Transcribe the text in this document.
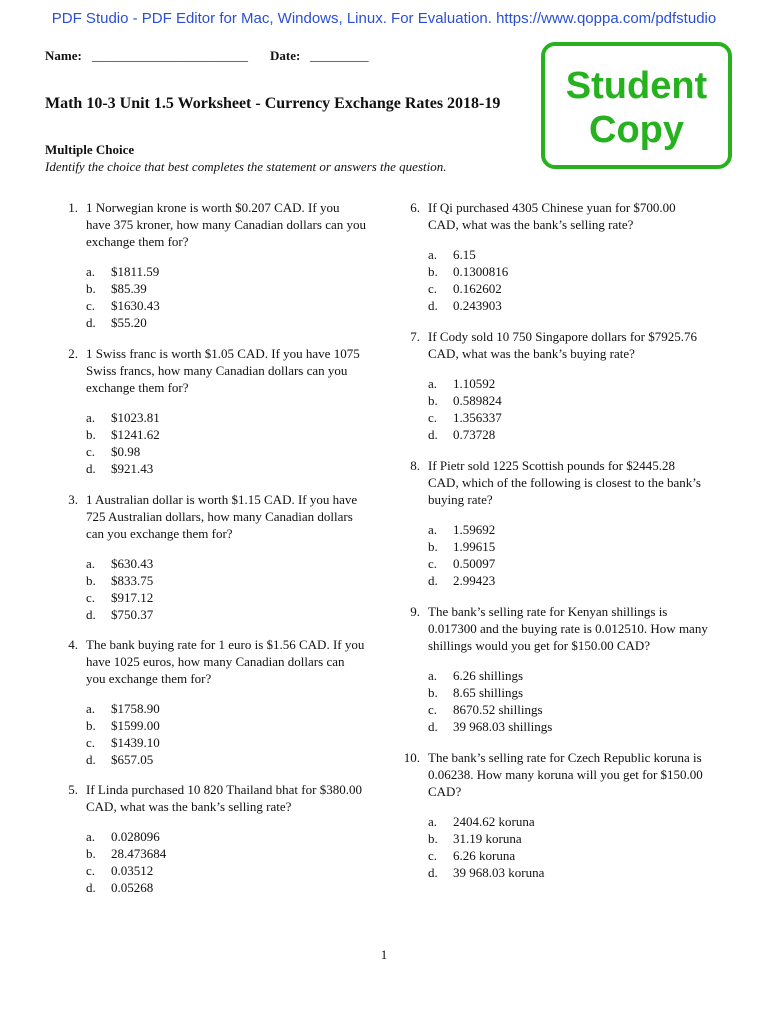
PDF Studio - PDF Editor for Mac, Windows, Linux. For Evaluation. https://www.qoppa.com/pdfstudio
Name: ________________________ Date: _________
Student
Copy
Math 10-3 Unit 1.5 Worksheet - Currency Exchange Rates 2018-19
Multiple Choice
Identify the choice that best completes the statement or answers the question.
1. 1 Norwegian krone is worth $0.207 CAD. If you have 375 kroner, how many Canadian dollars can you exchange them for?
a. $1811.59
b. $85.39
c. $1630.43
d. $55.20
2. 1 Swiss franc is worth $1.05 CAD. If you have 1075 Swiss francs, how many Canadian dollars can you exchange them for?
a. $1023.81
b. $1241.62
c. $0.98
d. $921.43
3. 1 Australian dollar is worth $1.15 CAD. If you have 725 Australian dollars, how many Canadian dollars can you exchange them for?
a. $630.43
b. $833.75
c. $917.12
d. $750.37
4. The bank buying rate for 1 euro is $1.56 CAD. If you have 1025 euros, how many Canadian dollars can you exchange them for?
a. $1758.90
b. $1599.00
c. $1439.10
d. $657.05
5. If Linda purchased 10 820 Thailand bhat for $380.00 CAD, what was the bank’s selling rate?
a. 0.028096
b. 28.473684
c. 0.03512
d. 0.05268
6. If Qi purchased 4305 Chinese yuan for $700.00 CAD, what was the bank’s selling rate?
a. 6.15
b. 0.1300816
c. 0.162602
d. 0.243903
7. If Cody sold 10 750 Singapore dollars for $7925.76 CAD, what was the bank’s buying rate?
a. 1.10592
b. 0.589824
c. 1.356337
d. 0.73728
8. If Pietr sold 1225 Scottish pounds for $2445.28 CAD, which of the following is closest to the bank’s buying rate?
a. 1.59692
b. 1.99615
c. 0.50097
d. 2.99423
9. The bank’s selling rate for Kenyan shillings is 0.017300 and the buying rate is 0.012510. How many shillings would you get for $150.00 CAD?
a. 6.26 shillings
b. 8.65 shillings
c. 8670.52 shillings
d. 39 968.03 shillings
10. The bank’s selling rate for Czech Republic koruna is 0.06238. How many koruna will you get for $150.00 CAD?
a. 2404.62 koruna
b. 31.19 koruna
c. 6.26 koruna
d. 39 968.03 koruna
1
